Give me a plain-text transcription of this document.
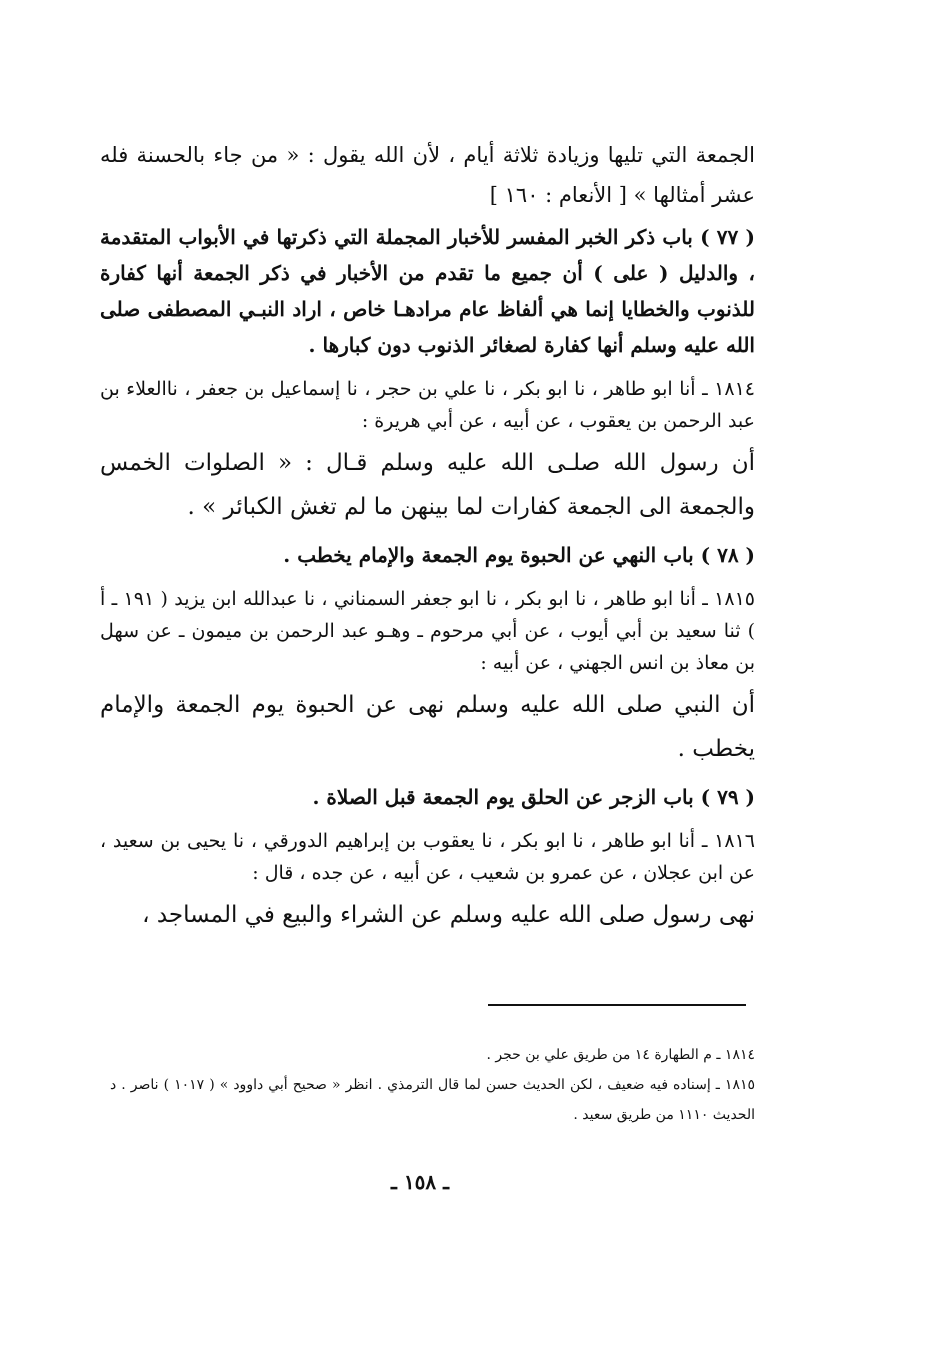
الجمعة التي تليها وزيادة ثلاثة أيام ، لأن الله يقول : « من جاء بالحسنة فله عشر أمثالها » [ الأنعام : ١٦٠ ]

( ٧٧ ) باب ذكر الخبر المفسر للأخبار المجملة التي ذكرتها في الأبواب المتقدمة ، والدليل ( على ) أن جميع ما تقدم من الأخبار في ذكر الجمعة أنها كفارة للذنوب والخطايا إنما هي ألفاظ عام مرادهـا خاص ، اراد النبـي المصطفى صلى الله عليه وسلم أنها كفارة لصغائر الذنوب دون كبارها .

١٨١٤ ـ أنا ابو طاهر ، نا ابو بكر ، نا علي بن حجر ، نا إسماعيل بن جعفر ، ناالعلاء بن عبد الرحمن بن يعقوب ، عن أبيه ، عن أبي هريرة :

أن رسول الله صلـى الله عليه وسلم قـال : « الصلوات الخمس والجمعة الى الجمعة كفارات لما بينهن ما لم تغش الكبائر » .

( ٧٨ ) باب النهي عن الحبوة يوم الجمعة والإمام يخطب .

١٨١٥ ـ أنا ابو طاهر ، نا ابو بكر ، نا ابو جعفر السمناني ، نا عبدالله ابن يزيد ( ١٩١ ـ أ ) ثنا سعيد بن أبي أيوب ، عن أبي مرحوم ـ وهـو عبد الرحمن بن ميمون ـ عن سهل بن معاذ بن انس الجهني ، عن أبيه :

أن النبي صلى الله عليه وسلم نهى عن الحبوة يوم الجمعة والإمام يخطب .

( ٧٩ ) باب الزجر عن الحلق يوم الجمعة قبل الصلاة .

١٨١٦ ـ أنا ابو طاهر ، نا ابو بكر ، نا يعقوب بن إبراهيم الدورقي ، نا يحيى بن سعيد ، عن ابن عجلان ، عن عمرو بن شعيب ، عن أبيه ، عن جده ، قال :

نهى رسول صلى الله عليه وسلم عن الشراء والبيع في المساجد ،

١٨١٤ ـ م الطهارة ١٤ من طريق علي بن حجر .

١٨١٥ ـ إسناده فيه ضعيف ، لكن الحديث حسن لما قال الترمذي . انظر « صحيح أبي داوود » ( ١٠١٧ ) ناصر . د الحديث ١١١٠ من طريق سعيد .

ـ ١٥٨ ـ
